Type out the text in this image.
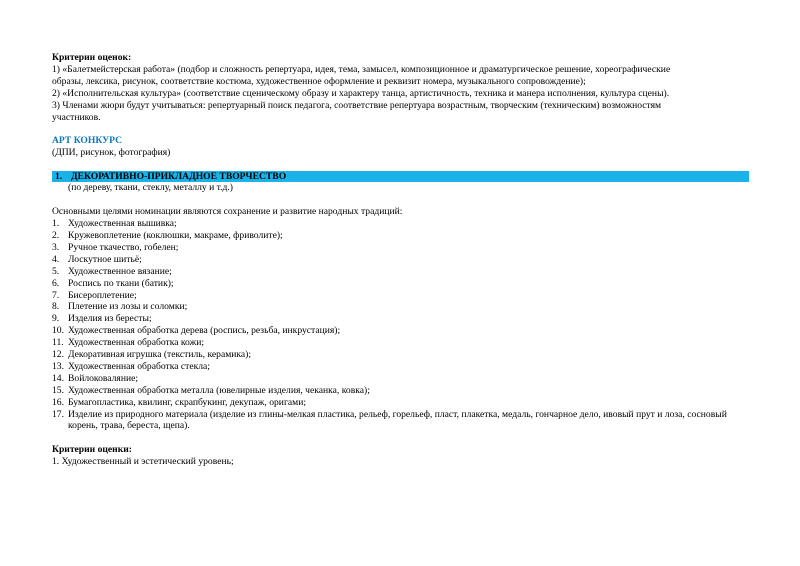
Критерии оценок:
1) «Балетмейстерская работа» (подбор и сложность репертуара, идея, тема, замысел, композиционное и драматургическое решение, хореографические
образы, лексика, рисунок, соответствие костюма, художественное оформление и реквизит номера, музыкального сопровождение);
2) «Исполнительская культура» (соответствие сценическому образу и характеру танца, артистичность, техника и манера исполнения, культура сцены).
3) Членами жюри будут учитываться: репертуарный поиск педагога, соответствие репертуара возрастным, творческим (техническим) возможностям
участников.
АРТ КОНКУРС
(ДПИ, рисунок, фотография)
1. ДЕКОРАТИВНО-ПРИКЛАДНОЕ ТВОРЧЕСТВО
(по дереву, ткани, стеклу, металлу и т.д.)
Основными целями номинации являются сохранение и развитие народных традиций:
1. Художественная вышивка;
2. Кружевоплетение (коклюшки, макраме, фриволите);
3. Ручное ткачество, гобелен;
4. Лоскутное шитьё;
5. Художественное вязание;
6. Роспись по ткани (батик);
7. Бисероплетение;
8. Плетение из лозы и соломки;
9. Изделия из бересты;
10. Художественная обработка дерева (роспись, резьба, инкрустация);
11. Художественная обработка кожи;
12. Декоративная игрушка (текстиль, керамика);
13. Художественная обработка стекла;
14. Войлоковаляние;
15. Художественная обработка металла (ювелирные изделия, чеканка, ковка);
16. Бумагопластика, квилинг, скрапбукинг, декупаж, оригами;
17. Изделие из природного материала (изделие из глины-мелкая пластика, рельеф, горельеф, пласт, плакетка, медаль, гончарное дело, ивовый прут и лоза, сосновый корень, трава, береста, щепа).
Критерии оценки:
1. Художественный и эстетический уровень;
